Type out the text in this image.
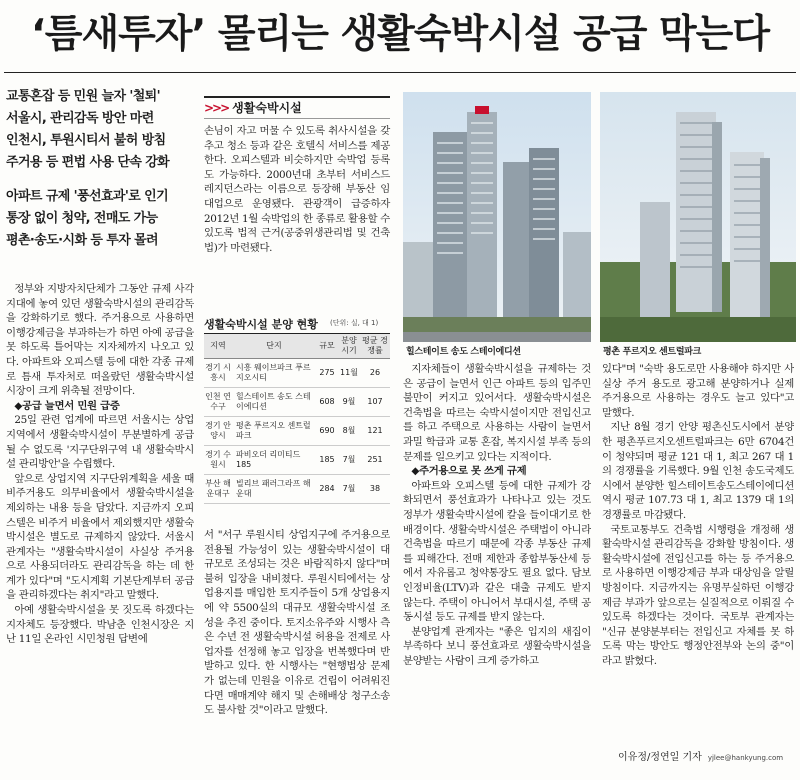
‘틈새투자’ 몰리는 생활숙박시설 공급 막는다
교통혼잡 등 민원 늘자 '철퇴'
서울시, 관리감독 방안 마련
인천시, 투원시티서 불허 방침
주거용 등 편법 사용 단속 강화
아파트 규제 '풍선효과'로 인기
통장 없이 청약, 전매도 가능
평촌·송도·시화 등 투자 몰려

정부와 지방자치단체가 그동안 규제 사각지대에 놓여 있던 생활숙박시설의 관리감독을 강화하기로 했다. 주거용으로 사용하면 이행강제금을 부과하는가 하면 아예 공급을 못 하도록 틀어막는 지자체까지 나오고 있다. 아파트와 오피스텔 등에 대한 각종 규제로 틈새 투자처로 떠올랐던 생활숙박시설 시장이 크게 위축될 전망이다.

◆공급 늘면서 민원 급증

25일 관련 업계에 따르면 서울시는 상업지역에서 생활숙박시설이 무분별하게 공급될 수 없도록 '지구단위구역 내 생활숙박시설 관리방안'을 수립했다.

앞으로 상업지역 지구단위계획을 세울 때 비주거용도 의무비율에서 생활숙박시설을 제외하는 내용 등을 담았다. 지금까지 오피스텔은 비주거 비율에서 제외했지만 생활숙박시설은 별도로 규제하지 않았다. 서울시 관계자는 "생활숙박시설이 사실상 주거용으로 사용되더라도 관리감독을 하는 데 한계가 있다"며 "도시계획 기본단계부터 공급을 관리하겠다는 취지"라고 말했다.

아예 생활숙박시설을 못 짓도록 하겠다는 지자체도 등장했다. 박남춘 인천시장은 지난 11일 온라인 시민청원 답변에

>>> 생활숙박시설
손님이 자고 머물 수 있도록 취사시설을 갖추고 청소 등과 같은 호텔식 서비스를 제공한다. 오피스텔과 비슷하지만 숙박업 등록도 가능하다. 2000년대 초부터 서비스드레지던스라는 이름으로 등장해 부동산 임대업으로 운영됐다. 관광객이 급증하자 2012년 1월 숙박업의 한 종류로 활용할 수 있도록 법적 근거(공중위생관리법 및 건축법)가 마련됐다.
생활숙박시설 분양 현황	(단위: 실, 대 1)
지역	단지	규모	분양 시기	평균 경쟁률
경기 시흥시	시흥 웨이브파크 푸르지오시티	275	11월	26
인천 연수구	힐스테이트 송도 스테이에디션	608	9월	107
경기 안양시	평촌 푸르지오 센트럴파크	690	8월	121
경기 수원시	파비오더 리미티드 185	185	7월	251
부산 해운대구	빌리브 패러그라프 해운대	284	7월	38

서 "서구 루원시티 상업지구에 주거용으로 전용될 가능성이 있는 생활숙박시설이 대규모로 조성되는 것은 바람직하지 않다"며 불허 입장을 내비쳤다. 루원시티에서는 상업용지를 매입한 토지주들이 5개 상업용지에 약 5500실의 대규모 생활숙박시설 조성을 추진 중이다. 토지소유주와 시행사 측은 수년 전 생활숙박시설 허용을 전제로 사업자를 선정해 놓고 입장을 번복했다며 반발하고 있다. 한 시행사는 "현행법상 문제가 없는데 민원을 이유로 건립이 어려워진다면 매매계약 해지 및 손해배상 청구소송도 불사할 것"이라고 말했다.

힐스테이트 송도 스테이에디션	평촌 푸르지오 센트럴파크

지자체들이 생활숙박시설을 규제하는 것은 공급이 늘면서 인근 아파트 등의 입주민 불만이 커지고 있어서다. 생활숙박시설은 건축법을 따르는 숙박시설이지만 전입신고를 하고 주택으로 사용하는 사람이 늘면서 과밀 학급과 교통 혼잡, 복지시설 부족 등의 문제를 일으키고 있다는 지적이다.

◆주거용으로 못 쓰게 규제

아파트와 오피스텔 등에 대한 규제가 강화되면서 풍선효과가 나타나고 있는 것도 정부가 생활숙박시설에 칼을 들이대기로 한 배경이다. 생활숙박시설은 주택법이 아니라 건축법을 따르기 때문에 각종 부동산 규제를 피해간다. 전매 제한과 종합부동산세 등에서 자유롭고 청약통장도 필요 없다. 담보인정비율(LTV)과 같은 대출 규제도 받지 않는다. 주택이 아니어서 부대시설, 주택 공동시설 등도 규제를 받지 않는다.

분양업계 관계자는 "좋은 입지의 새집이 부족하다 보니 풍선효과로 생활숙박시설을 분양받는 사람이 크게 증가하고

있다"며 "숙박 용도로만 사용해야 하지만 사실상 주거 용도로 광고해 분양하거나 실제 주거용으로 사용하는 경우도 늘고 있다"고 말했다.

지난 8월 경기 안양 평촌신도시에서 분양한 평촌푸르지오센트럴파크는 6만 6704건이 청약되며 평균 121 대 1, 최고 267 대 1의 경쟁률을 기록했다. 9월 인천 송도국제도시에서 분양한 힐스테이트송도스테이에디션 역시 평균 107.73 대 1, 최고 1379 대 1의 경쟁률로 마감됐다.

국토교통부도 건축법 시행령을 개정해 생활숙박시설 관리감독을 강화할 방침이다. 생활숙박시설에 전입신고를 하는 등 주거용으로 사용하면 이행강제금 부과 대상임을 알릴 방침이다. 지금까지는 유명무실하던 이행강제금 부과가 앞으로는 실질적으로 이뤄질 수 있도록 하겠다는 것이다. 국토부 관계자는 "신규 분양분부터는 전입신고 자체를 못 하도록 막는 방안도 행정안전부와 논의 중"이라고 밝혔다.

이유정/정연일 기자 yjlee@hankyung.com
